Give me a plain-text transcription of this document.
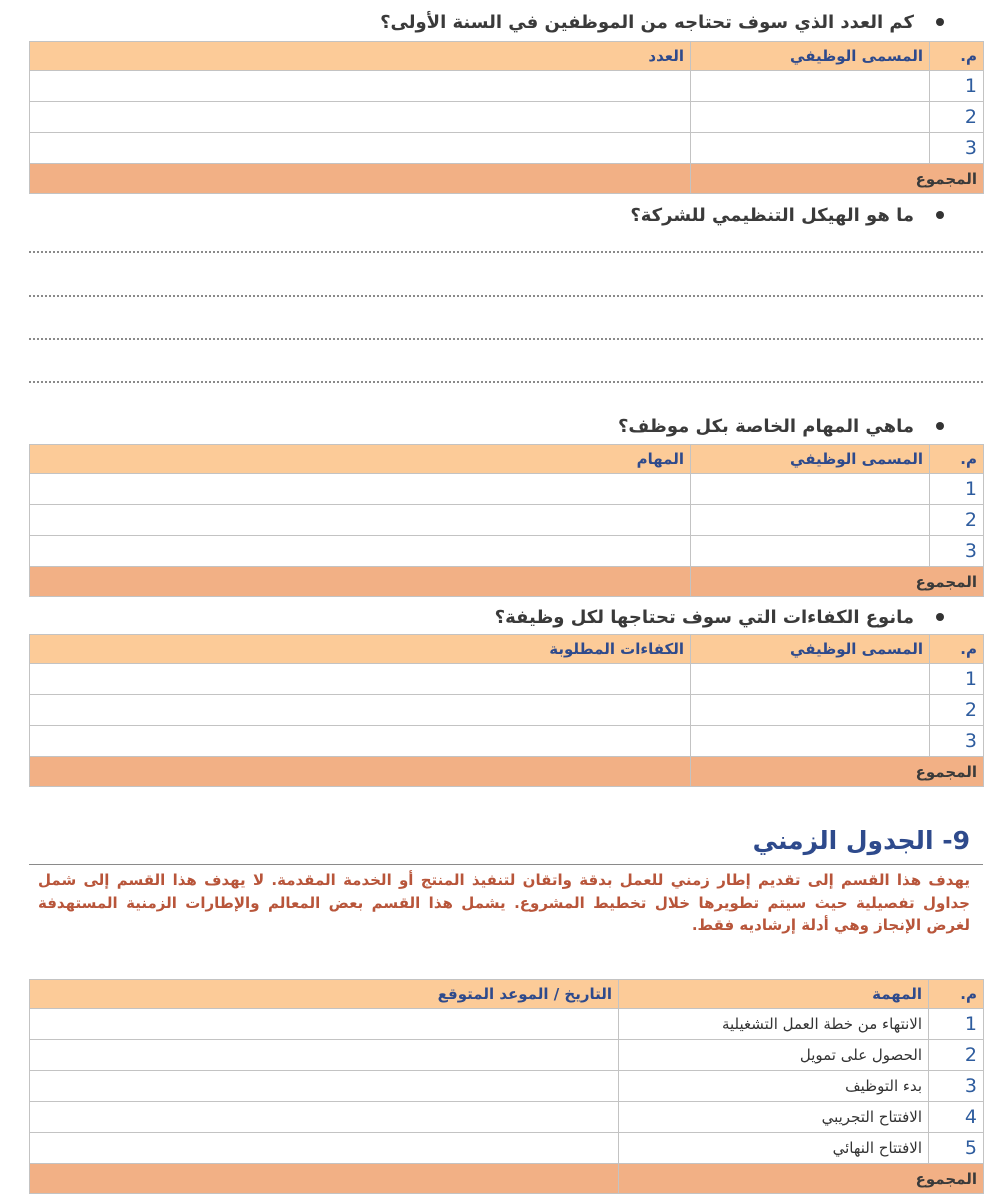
كم العدد الذي سوف تحتاجه من الموظفين في السنة الأولى؟
م.	المسمى الوظيفي	العدد
1		
2		
3		
المجموع		
ما هو الهيكل التنظيمي للشركة؟
ماهي المهام الخاصة بكل موظف؟
م.	المسمى الوظيفي	المهام
1		
2		
3		
المجموع		
مانوع الكفاءات التي سوف تحتاجها لكل وظيفة؟
م.	المسمى الوظيفي	الكفاءات المطلوبة
1		
2		
3		
المجموع		
9- الجدول الزمني
يهدف هذا القسم إلى تقديم إطار زمني للعمل بدقة واتقان لتنفيذ المنتج أو الخدمة المقدمة. لا يهدف هذا القسم إلى شمل جداول تفصيلية حيث سيتم تطويرها خلال تخطيط المشروع. يشمل هذا القسم بعض المعالم والإطارات الزمنية المستهدفة لغرض الإنجاز وهي أدلة إرشاديه فقط.
م.	المهمة	التاريخ / الموعد المتوقع
1	الانتهاء من خطة العمل التشغيلية	
2	الحصول على تمويل	
3	بدء التوظيف	
4	الافتتاح التجريبي	
5	الافتتاح النهائي	
المجموع		
